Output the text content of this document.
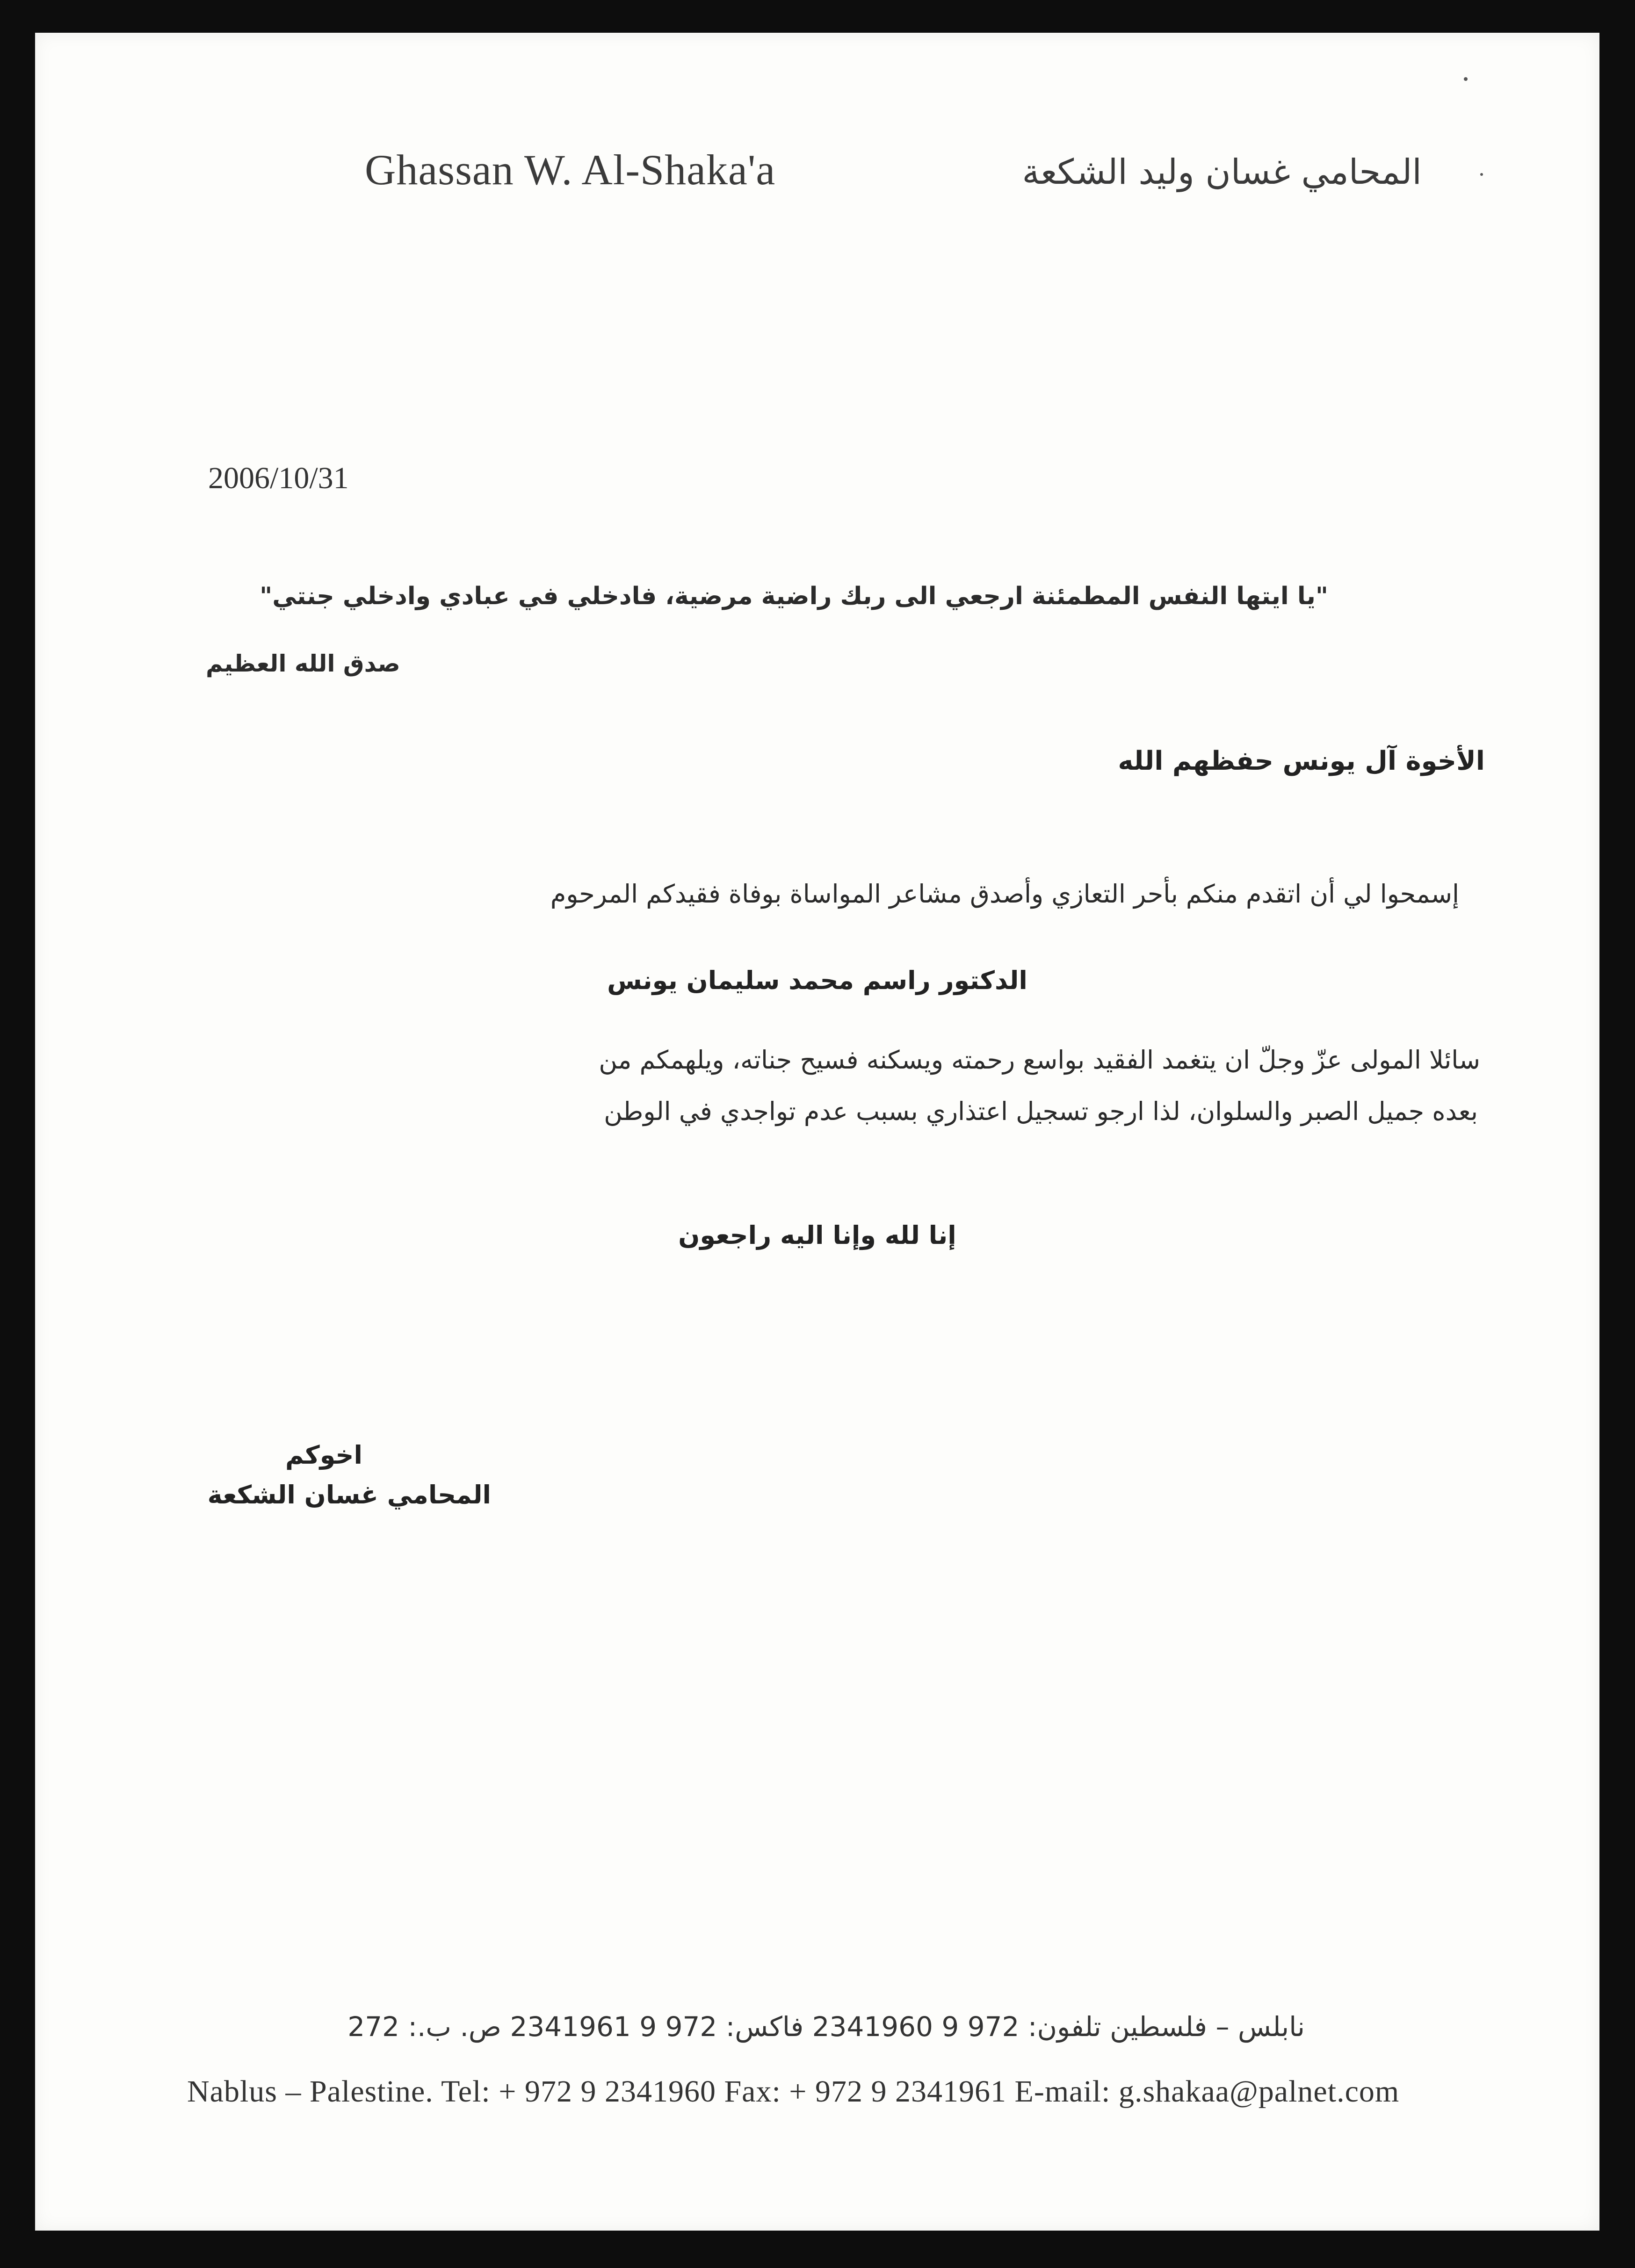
Ghassan W. Al-Shaka'a	المحامي غسان وليد الشكعة
2006/10/31
"يا ايتها النفس المطمئنة ارجعي الى ربك راضية مرضية، فادخلي في عبادي وادخلي جنتي"
صدق الله العظيم
الأخوة آل يونس حفظهم الله
إسمحوا لي أن اتقدم منكم بأحر التعازي وأصدق مشاعر المواساة بوفاة فقيدكم المرحوم
الدكتور راسم محمد سليمان يونس
سائلا المولى عزّ وجلّ ان يتغمد الفقيد بواسع رحمته ويسكنه فسيح جناته، ويلهمكم من
بعده جميل الصبر والسلوان، لذا ارجو تسجيل اعتذاري بسبب عدم تواجدي في الوطن
إنا لله وإنا اليه راجعون
اخوكم
المحامي غسان الشكعة
نابلس – فلسطين تلفون: 972 9 2341960 فاكس: 972 9 2341961 ص. ب.: 272
Nablus – Palestine. Tel: + 972 9 2341960 Fax: + 972 9 2341961 E-mail: g.shakaa@palnet.com
